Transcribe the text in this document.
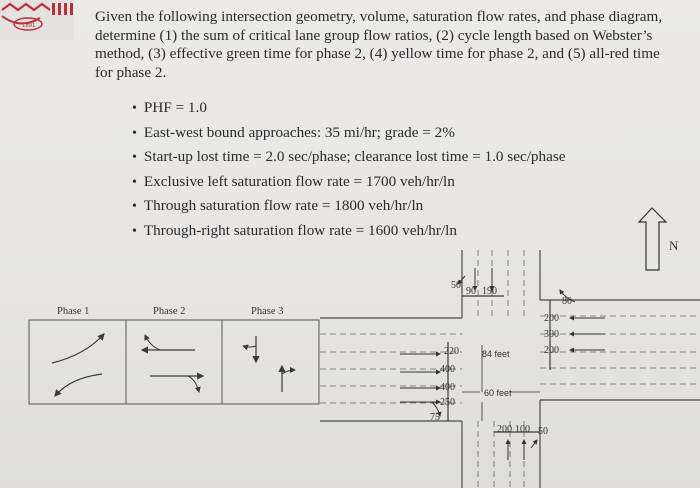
1891

Given the following intersection geometry, volume, saturation flow rates, and phase diagram, determine (1) the sum of critical lane group flow ratios, (2) cycle length based on Webster’s method, (3) effective green time for phase 2, (4) yellow time for phase 2, and (5) all-red time for phase 2.

• PHF = 1.0
• East-west bound approaches: 35 mi/hr; grade = 2%
• Start-up lost time = 2.0 sec/phase; clearance lost time = 1.0 sec/phase
• Exclusive left saturation flow rate = 1700 veh/hr/ln
• Through saturation flow rate = 1800 veh/hr/ln
• Through-right saturation flow rate = 1600 veh/hr/ln
Phase 1	Phase 2	Phase 3
N
84 feet
60 feet
50
90 190
80
200
300
200
220
400
400
250
75
200 100 50
